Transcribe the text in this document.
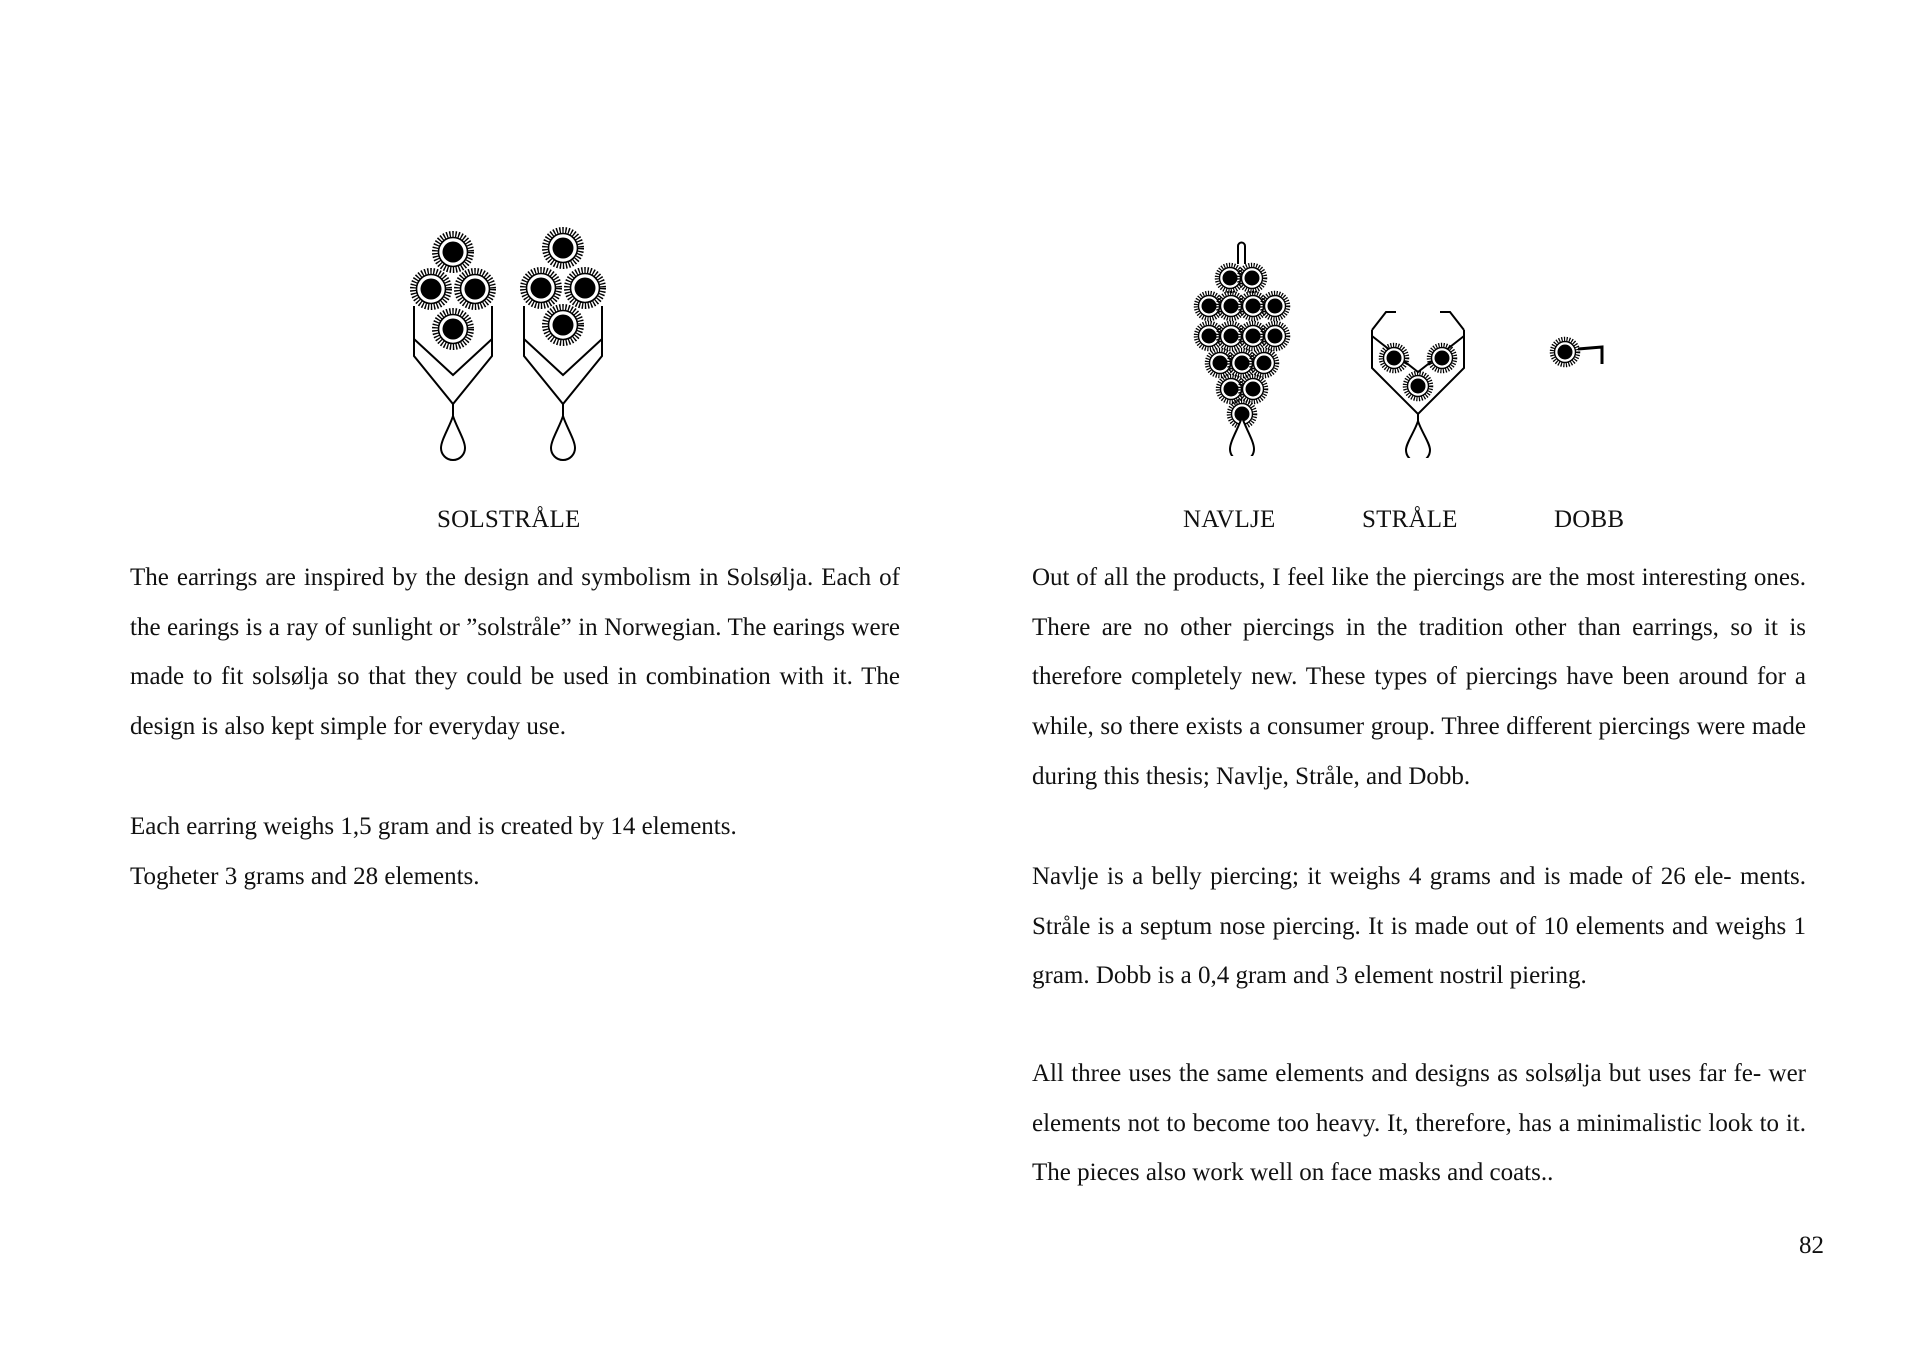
SOLSTRÅLE	NAVLJE	STRÅLE	DOBB

The earrings are inspired by the design and symbolism in Solsølja. Each of the earings is a ray of sunlight or ”solstråle” in Norwegian. The earings were made to fit solsølja so that they could be used in combination with it. The design is also kept simple for everyday use.

Each earring weighs 1,5 gram and is created by 14 elements.

Togheter 3 grams and 28 elements.

Out of all the products, I feel like the piercings are the most interesting ones. There are no other piercings in the tradition other than earrings, so it is therefore completely new. These types of piercings have been around for a while, so there exists a consumer group. Three different piercings were made during this thesis; Navlje, Stråle, and Dobb.

Navlje is a belly piercing; it weighs 4 grams and is made of 26 ele- ments. Stråle is a septum nose piercing. It is made out of 10 elements and weighs 1 gram. Dobb is a 0,4 gram and 3 element nostril piering.

All three uses the same elements and designs as solsølja but uses far fe- wer elements not to become too heavy. It, therefore, has a minimalistic look to it. The pieces also work well on face masks and coats..

82
